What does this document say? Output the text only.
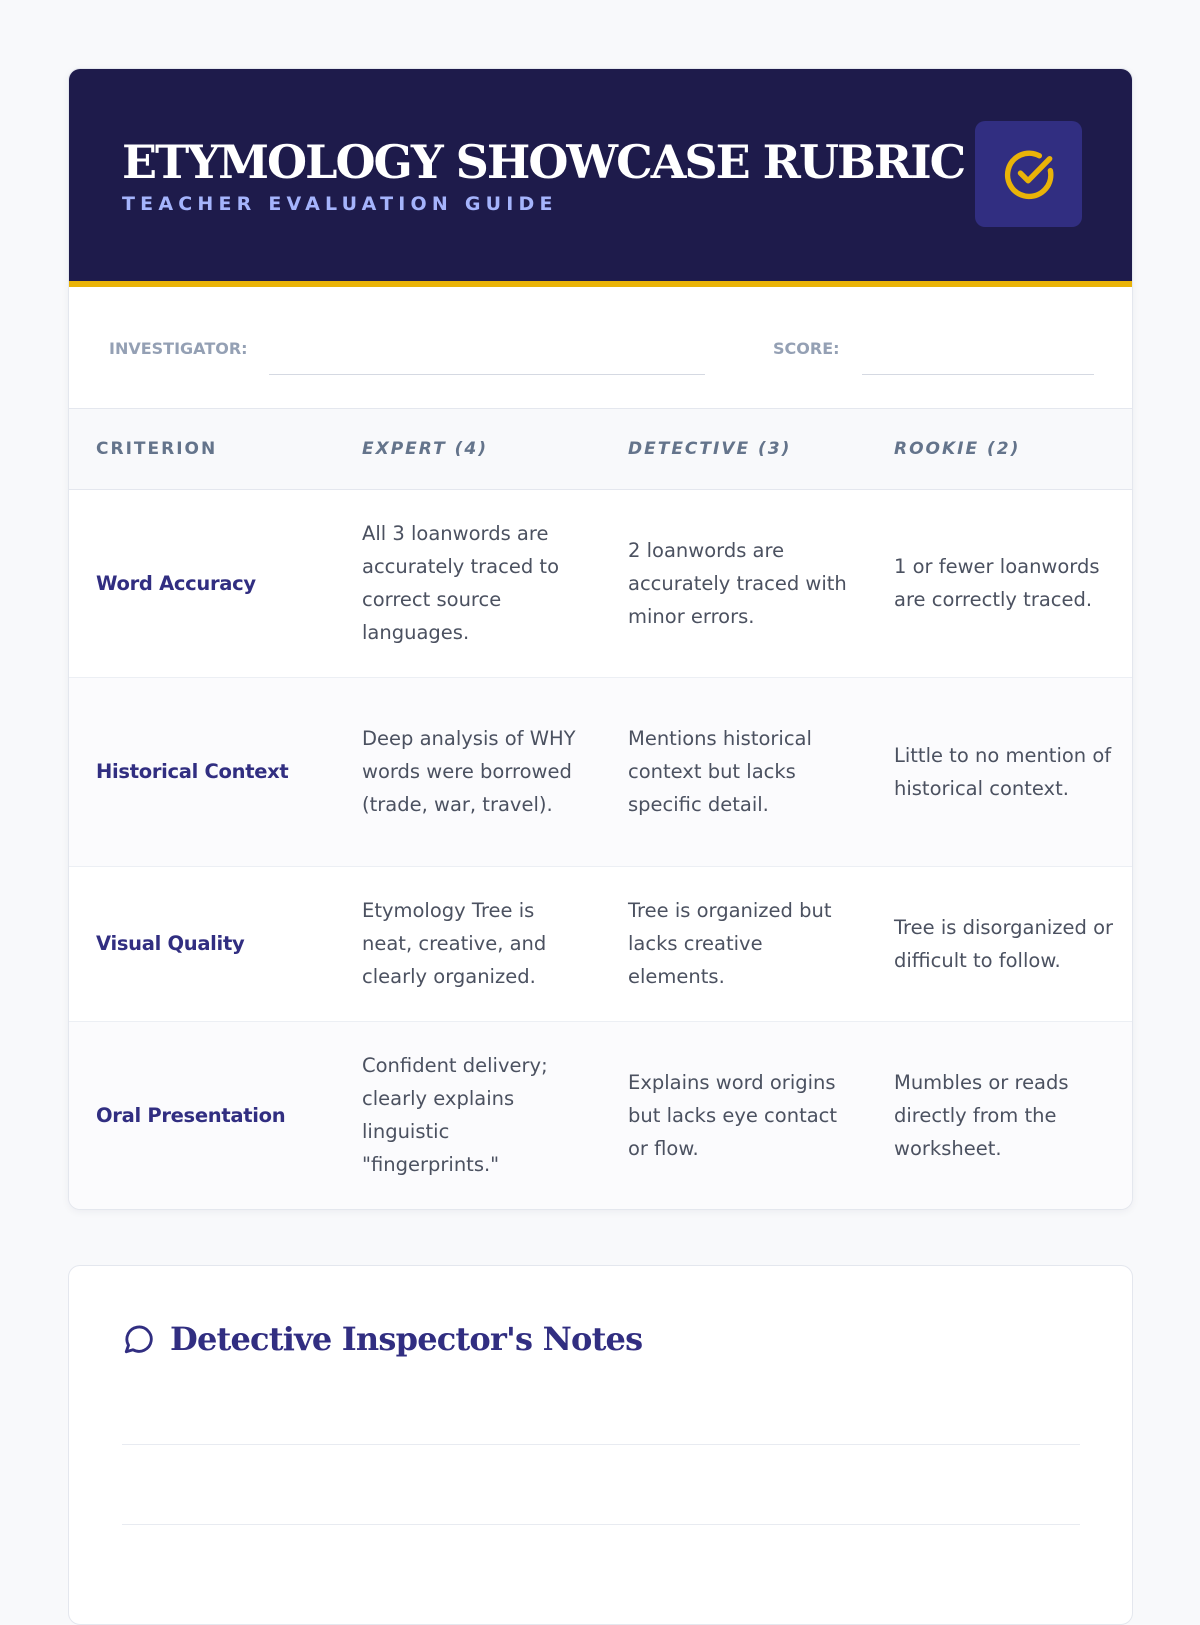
ETYMOLOGY SHOWCASE RUBRIC
TEACHER EVALUATION GUIDE
INVESTIGATOR:	SCORE:
CRITERION	EXPERT (4)	DETECTIVE (3)	ROOKIE (2)
Word Accuracy	All 3 loanwords are accurately traced to correct source languages.	2 loanwords are accurately traced with minor errors.	1 or fewer loanwords are correctly traced.
Historical Context	Deep analysis of WHY words were borrowed (trade, war, travel).	Mentions historical context but lacks specific detail.	Little to no mention of historical context.
Visual Quality	Etymology Tree is neat, creative, and clearly organized.	Tree is organized but lacks creative elements.	Tree is disorganized or difficult to follow.
Oral Presentation	Confident delivery; clearly explains linguistic "fingerprints."	Explains word origins but lacks eye contact or flow.	Mumbles or reads directly from the worksheet.
Detective Inspector's Notes
